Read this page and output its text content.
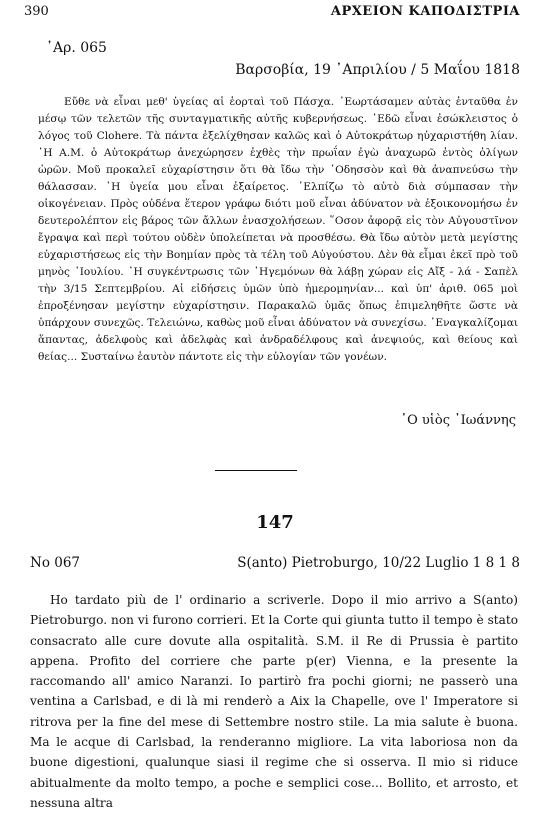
390	ΑΡΧΕΙΟΝ ΚΑΠΟΔΙΣΤΡΙΑ
᾿Αρ. 065
Βαρσοβία, 19 ᾿Απριλίου / 5 Μαΐου 1818

Εὔθε νὰ εἶναι μεθ' ὑγείας αἱ ἑορταὶ τοῦ Πάσχα. ᾿Εωρτάσαμεν αὐτὰς ἐνταῦθα ἐν μέσῳ τῶν τελετῶν τῆς συνταγματικῆς αὐτῆς κυβερνήσεως. ᾿Εδῶ εἶναι ἐσώκλειστος ὁ λόγος τοῦ Clohere. Τὰ πάντα ἐξελίχθησαν καλῶς καὶ ὁ Αὐτοκράτωρ ηὐχαριστήθη λίαν. ῾Η Α.Μ. ὁ Αὐτοκράτωρ ἀνεχώρησεν ἐχθὲς τὴν πρωΐαν ἐγὼ ἀναχωρῶ ἐντὸς ὀλίγων ὡρῶν. Μοῦ προκαλεῖ εὐχαρίστησιν ὅτι θὰ ἴδω τὴν ᾿Οδησσὸν καὶ θὰ ἀναπνεύσω τὴν θάλασσαν. ῾Η ὑγεία μου εἶναι ἐξαίρετος. ᾿Ελπίζω τὸ αὐτὸ διὰ σύμπασαν τὴν οἰκογένειαν. Πρὸς οὐδένα ἕτερον γράφω διότι μοῦ εἶναι ἀδύνατον νὰ ἐξοικονομήσω ἐν δευτερολέπτον εἰς βάρος τῶν ἄλλων ἐνασχολήσεων. ῞Οσον ἀφορᾷ εἰς τὸν Αὐγουστῖνον ἔγραψα καὶ περὶ τούτου οὐδὲν ὑπολείπεται νὰ προσθέσω. Θὰ ἴδω αὐτὸν μετὰ μεγίστης εὐχαριστήσεως εἰς τὴν Βοημίαν πρὸς τὰ τέλη τοῦ Αὐγούστου. Δὲν θὰ εἶμαι ἐκεῖ πρὸ τοῦ μηνὸς ᾿Ιουλίου. ῾Η συγκέντρωσις τῶν ῾Ηγεμόνων θὰ λάβῃ χώραν εἰς Αἴξ - λά - Σαπὲλ τὴν 3/15 Σεπτεμβρίου. Αἱ εἰδήσεις ὑμῶν ὑπὸ ἡμερομηνίαν... καὶ ὑπ' ἀριθ. 065 μοὶ ἐπροξένησαν μεγίστην εὐχαρίστησιν. Παρακαλῶ ὑμᾶς ὅπως ἐπιμεληθῆτε ὥστε νὰ ὑπάρχουν συνεχῶς. Τελειώνω, καθὼς μοῦ εἶναι ἀδύνατον νὰ συνεχίσω. ᾿Εναγκαλίζομαι ἅπαντας, ἀδελφοὺς καὶ ἀδελφὰς καὶ ἀνδραδέλφους καὶ ἀνεψιούς, καὶ θείους καὶ θείας... Συσταίνω ἑαυτὸν πάντοτε εἰς τὴν εὐλογίαν τῶν γονέων.

῾Ο υἱὸς ᾿Ιωάννης
147
No 067	S(anto) Pietroburgo, 10/22 Luglio 1 8 1 8

Ho tardato più de l' ordinario a scriverle. Dopo il mio arrivo a S(anto) Pietroburgo. non vi furono corrieri. Et la Corte qui giunta tutto il tempo è stato consacrato alle cure dovute alla ospitalità. S.M. il Re di Prussia è partito appena. Profito del corriere che parte p(er) Vienna, e la presente la raccomando all' amico Naranzi. Io partirò fra pochi giorni; ne passerò una ventina a Carlsbad, e di là mi renderò a Aix la Chapelle, ove l' Imperatore si ritrova per la fine del mese di Settembre nostro stile. La mia salute è buona. Ma le acque di Carlsbad, la renderanno migliore. La vita laboriosa non da buone digestioni, qualunque siasi il regime che si osserva. Il mio si riduce abitualmente da molto tempo, a poche e semplici cose... Bollito, et arrosto, et nessuna altra
